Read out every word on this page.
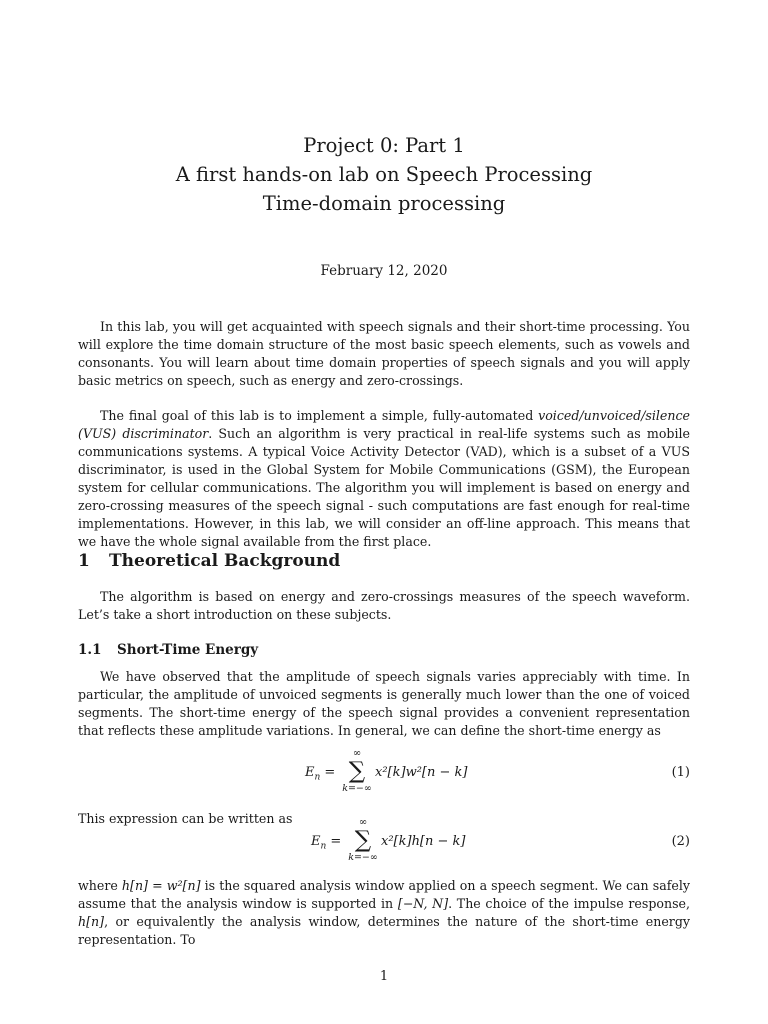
Project 0: Part 1
A first hands-on lab on Speech Processing
Time-domain processing
February 12, 2020
In this lab, you will get acquainted with speech signals and their short-time processing. You will explore the time domain structure of the most basic speech elements, such as vowels and consonants. You will learn about time domain properties of speech signals and you will apply basic metrics on speech, such as energy and zero-crossings.
The final goal of this lab is to implement a simple, fully-automated voiced/unvoiced/silence (VUS) discriminator. Such an algorithm is very practical in real-life systems such as mobile communications systems. A typical Voice Activity Detector (VAD), which is a subset of a VUS discriminator, is used in the Global System for Mobile Communications (GSM), the European system for cellular communications. The algorithm you will implement is based on energy and zero-crossing measures of the speech signal - such computations are fast enough for real-time implementations. However, in this lab, we will consider an off-line approach. This means that we have the whole signal available from the first place.
1 Theoretical Background
The algorithm is based on energy and zero-crossings measures of the speech waveform. Let’s take a short introduction on these subjects.
1.1 Short-Time Energy
We have observed that the amplitude of speech signals varies appreciably with time. In particular, the amplitude of unvoiced segments is generally much lower than the one of voiced segments. The short-time energy of the speech signal provides a convenient representation that reflects these amplitude variations. In general, we can define the short-time energy as
$E_n$ =
∞
∑
k=−∞
x²[k]w²[n − k]	(1)
This expression can be written as
$E_n$ =
∞
∑
k=−∞
x²[k]h[n − k]	(2)
where h[n] = w²[n] is the squared analysis window applied on a speech segment. We can safely assume that the analysis window is supported in [−N, N]. The choice of the impulse response, h[n], or equivalently the analysis window, determines the nature of the short-time energy representation. To
1
